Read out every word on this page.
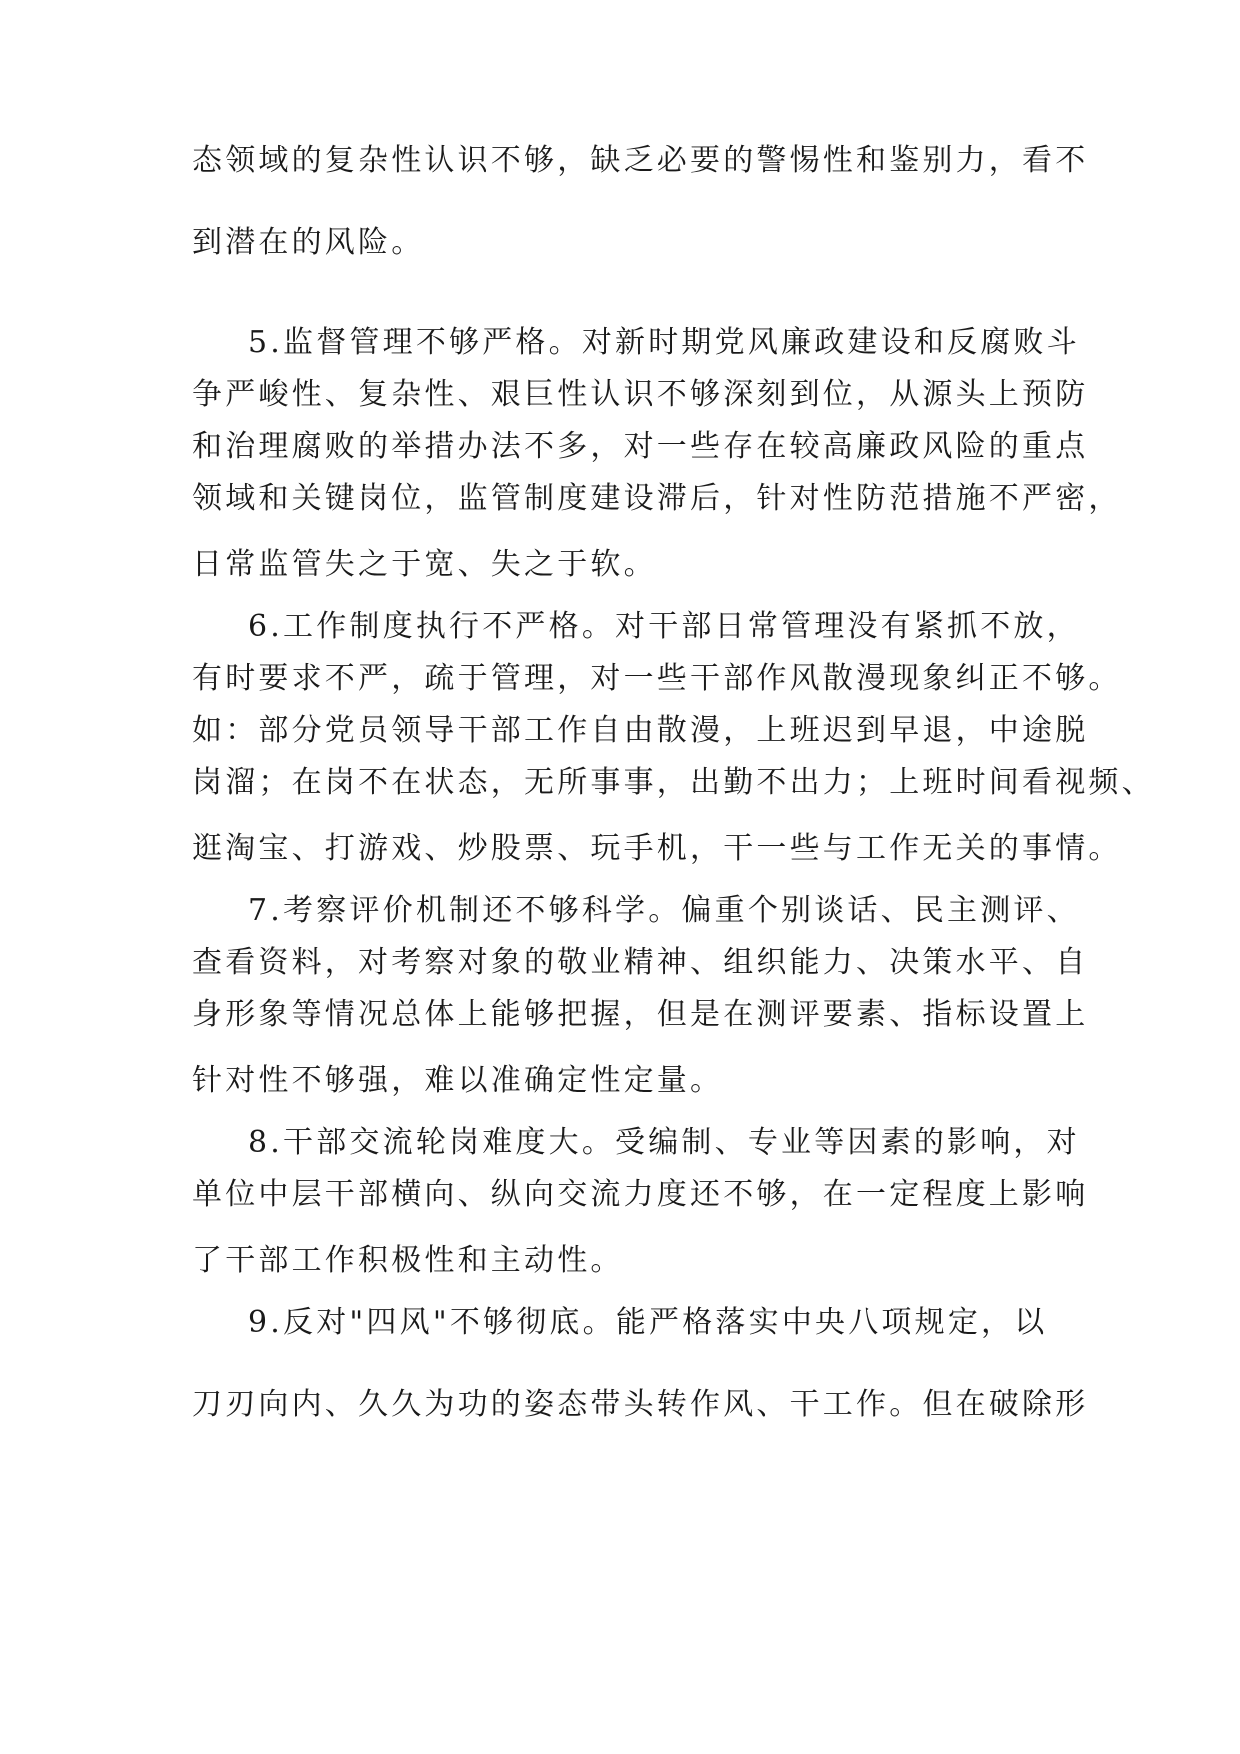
态领域的复杂性认识不够，缺乏必要的警惕性和鉴别力，看不
到潜在的风险。
5.监督管理不够严格。对新时期党风廉政建设和反腐败斗
争严峻性、复杂性、艰巨性认识不够深刻到位，从源头上预防
和治理腐败的举措办法不多，对一些存在较高廉政风险的重点
领域和关键岗位，监管制度建设滞后，针对性防范措施不严密，
日常监管失之于宽、失之于软。
6.工作制度执行不严格。对干部日常管理没有紧抓不放，
有时要求不严，疏于管理，对一些干部作风散漫现象纠正不够。
如：部分党员领导干部工作自由散漫，上班迟到早退，中途脱
岗溜；在岗不在状态，无所事事，出勤不出力；上班时间看视频、
逛淘宝、打游戏、炒股票、玩手机，干一些与工作无关的事情。
7.考察评价机制还不够科学。偏重个别谈话、民主测评、
查看资料，对考察对象的敬业精神、组织能力、决策水平、自
身形象等情况总体上能够把握，但是在测评要素、指标设置上
针对性不够强，难以准确定性定量。
8.干部交流轮岗难度大。受编制、专业等因素的影响，对
单位中层干部横向、纵向交流力度还不够，在一定程度上影响
了干部工作积极性和主动性。
9.反对"四风"不够彻底。能严格落实中央八项规定，以
刀刃向内、久久为功的姿态带头转作风、干工作。但在破除形
